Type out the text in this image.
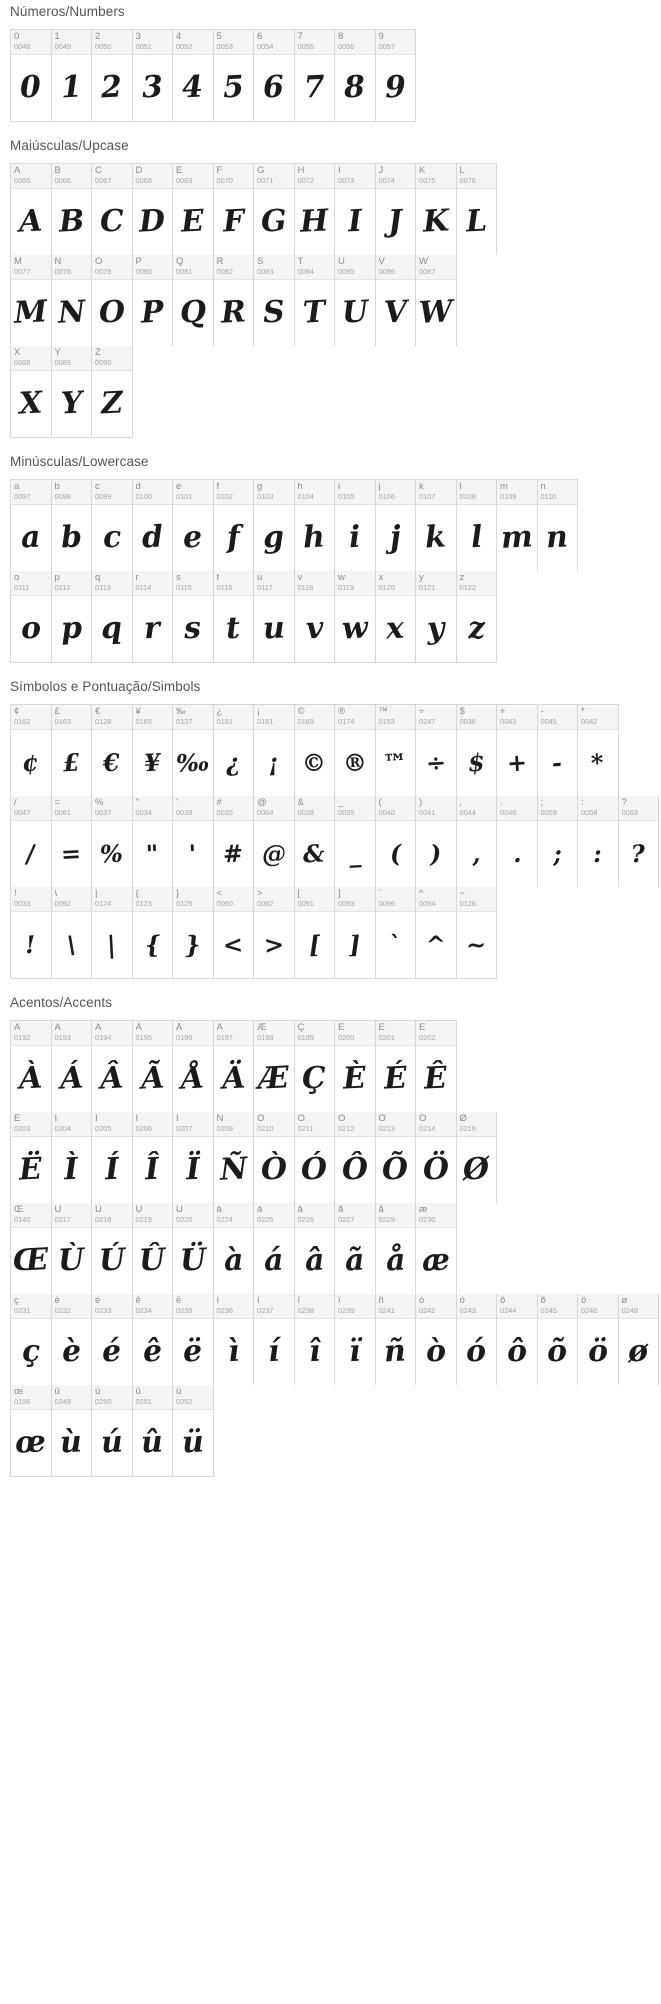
Números/Numbers
0
0048
0
1
0049
1
2
0050
2
3
0051
3
4
0052
4
5
0053
5
6
0054
6
7
0055
7
8
0056
8
9
0057
9
Maiúsculas/Upcase
A
0065
A
B
0066
B
C
0067
C
D
0068
D
E
0069
E
F
0070
F
G
0071
G
H
0072
H
I
0073
I
J
0074
J
K
0075
K
L
0076
L
M
0077
M
N
0078
N
O
0079
O
P
0080
P
Q
0081
Q
R
0082
R
S
0083
S
T
0084
T
U
0085
U
V
0086
V
W
0087
W
X
0088
X
Y
0089
Y
Z
0090
Z
Minúsculas/Lowercase
a
0097
a
b
0098
b
c
0099
c
d
0100
d
e
0101
e
f
0102
f
g
0103
g
h
0104
h
i
0105
i
j
0106
j
k
0107
k
l
0108
l
m
0109
m
n
0110
n
o
0111
o
p
0112
p
q
0113
q
r
0114
r
s
0115
s
t
0116
t
u
0117
u
v
0118
v
w
0119
w
x
0120
x
y
0121
y
z
0122
z
Símbolos e Pontuação/Simbols
¢
0162
¢
£
0163
£
€
0128
€
¥
0165
¥
‰
0137
‰
¿
0191
¿
¡
0161
¡
©
0169
©
®
0174
®
™
0153
™
÷
0247
÷
$
0036
$
+
0043
+
-
0045
-
*
0042
*
/
0047
/
=
0061
=
%
0037
%
"
0034
"
'
0039
'
#
0035
#
@
0064
@
&
0038
&
_
0095
_
(
0040
(
)
0041
)
,
0044
,
.
0046
.
;
0059
;
:
0058
:
?
0063
?
!
0033
!
\
0092
\
|
0124
|
{
0123
{
}
0125
}
<
0060
<
>
0062
>
[
0091
[
]
0093
]
`
0096
`
^
0094
^
~
0126
~
Acentos/Accents
À
0192
À
Á
0193
Á
Â
0194
Â
Ã
0195
Ã
Å
0196
Å
Ä
0197
Ä
Æ
0198
Æ
Ç
0199
Ç
È
0200
È
É
0201
É
Ê
0202
Ê
Ë
0203
Ë
Ì
0204
Ì
Í
0205
Í
Î
0206
Î
Ï
0207
Ï
Ñ
0209
Ñ
Ò
0210
Ò
Ó
0211
Ó
Ô
0212
Ô
Õ
0213
Õ
Ö
0214
Ö
Ø
0216
Ø
Œ
0140
Œ
Ù
0217
Ù
Ú
0218
Ú
Û
0219
Û
Ü
0220
Ü
à
0224
à
á
0225
á
â
0226
â
ã
0227
ã
å
0229
å
æ
0230
æ
ç
0231
ç
è
0232
è
é
0233
é
ê
0234
ê
ë
0235
ë
ì
0236
ì
í
0237
í
î
0238
î
ï
0239
ï
ñ
0241
ñ
ò
0242
ò
ó
0243
ó
ô
0244
ô
õ
0245
õ
ö
0246
ö
ø
0248
ø
œ
0156
œ
ù
0249
ù
ú
0250
ú
û
0251
û
ü
0252
ü
